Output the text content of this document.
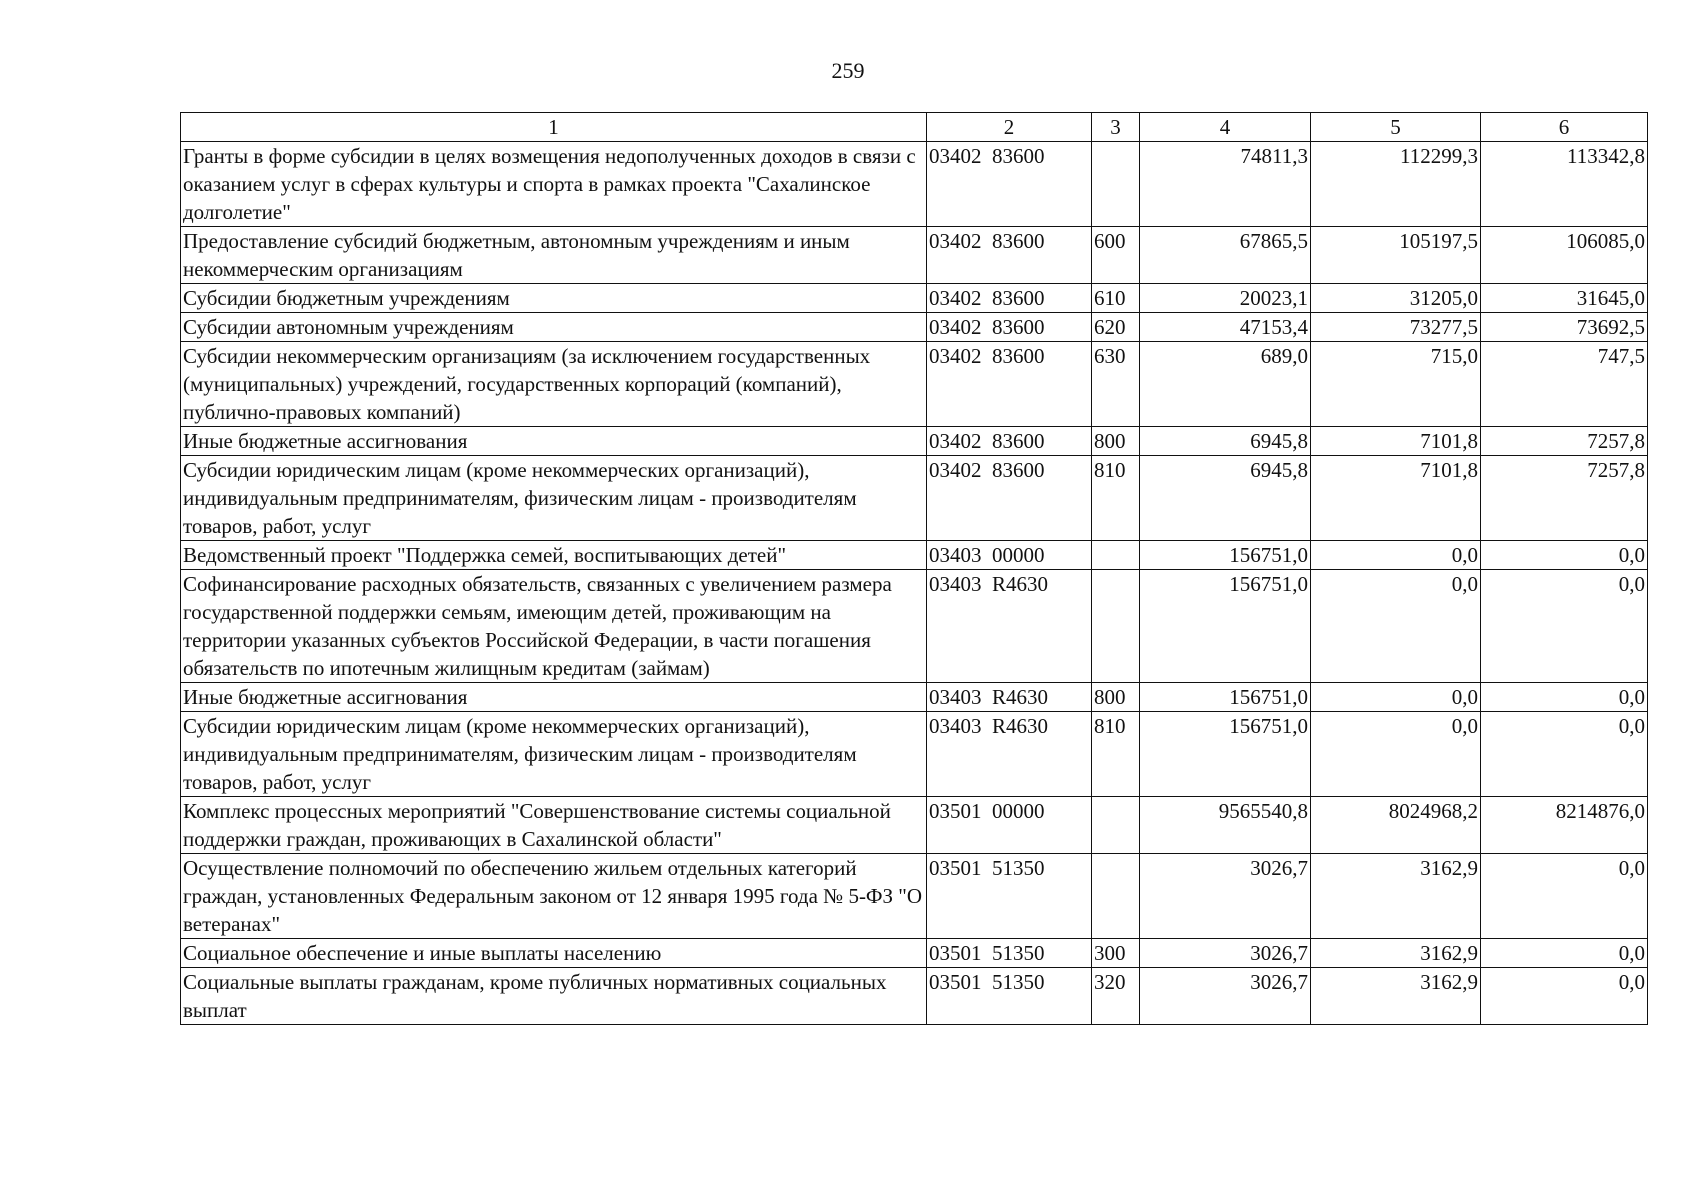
259
1	2	3	4	5	6
Гранты в форме субсидии в целях возмещения недополученных доходов в связи с оказанием услуг в сферах культуры и спорта в рамках проекта "Сахалинское долголетие"	03402  83600		74811,3	112299,3	113342,8
Предоставление субсидий бюджетным, автономным учреждениям и иным некоммерческим организациям	03402  83600	600	67865,5	105197,5	106085,0
Субсидии бюджетным учреждениям	03402  83600	610	20023,1	31205,0	31645,0
Субсидии автономным учреждениям	03402  83600	620	47153,4	73277,5	73692,5
Субсидии некоммерческим организациям (за исключением государственных (муниципальных) учреждений, государственных корпораций (компаний), публично-правовых компаний)	03402  83600	630	689,0	715,0	747,5
Иные бюджетные ассигнования	03402  83600	800	6945,8	7101,8	7257,8
Субсидии юридическим лицам (кроме некоммерческих организаций), индивидуальным предпринимателям, физическим лицам - производителям товаров, работ, услуг	03402  83600	810	6945,8	7101,8	7257,8
Ведомственный проект "Поддержка семей, воспитывающих детей"	03403  00000		156751,0	0,0	0,0
Софинансирование расходных обязательств, связанных с увеличением размера государственной поддержки семьям, имеющим детей, проживающим на территории указанных субъектов Российской Федерации, в части погашения обязательств по ипотечным жилищным кредитам (займам)	03403  R4630		156751,0	0,0	0,0
Иные бюджетные ассигнования	03403  R4630	800	156751,0	0,0	0,0
Субсидии юридическим лицам (кроме некоммерческих организаций), индивидуальным предпринимателям, физическим лицам - производителям товаров, работ, услуг	03403  R4630	810	156751,0	0,0	0,0
Комплекс процессных мероприятий "Совершенствование системы социальной поддержки граждан, проживающих в Сахалинской области"	03501  00000		9565540,8	8024968,2	8214876,0
Осуществление полномочий по обеспечению жильем отдельных категорий граждан, установленных Федеральным законом от 12 января 1995 года № 5-ФЗ "О ветеранах"	03501  51350		3026,7	3162,9	0,0
Социальное обеспечение и иные выплаты населению	03501  51350	300	3026,7	3162,9	0,0
Социальные выплаты гражданам, кроме публичных нормативных социальных выплат	03501  51350	320	3026,7	3162,9	0,0
